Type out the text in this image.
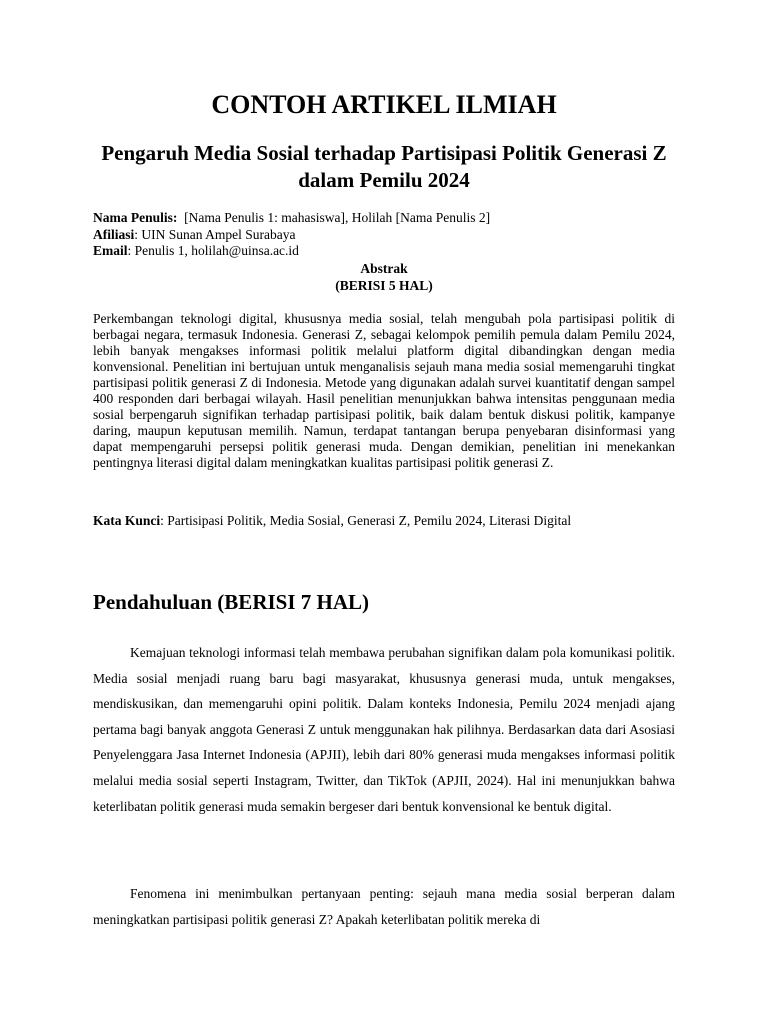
CONTOH ARTIKEL ILMIAH
Pengaruh Media Sosial terhadap Partisipasi Politik Generasi Z dalam Pemilu 2024
Nama Penulis:  [Nama Penulis 1: mahasiswa], Holilah [Nama Penulis 2]
Afiliasi: UIN Sunan Ampel Surabaya
Email: Penulis 1, holilah@uinsa.ac.id
Abstrak
(BERISI 5 HAL)

Perkembangan teknologi digital, khususnya media sosial, telah mengubah pola partisipasi politik di berbagai negara, termasuk Indonesia. Generasi Z, sebagai kelompok pemilih pemula dalam Pemilu 2024, lebih banyak mengakses informasi politik melalui platform digital dibandingkan dengan media konvensional. Penelitian ini bertujuan untuk menganalisis sejauh mana media sosial memengaruhi tingkat partisipasi politik generasi Z di Indonesia. Metode yang digunakan adalah survei kuantitatif dengan sampel 400 responden dari berbagai wilayah. Hasil penelitian menunjukkan bahwa intensitas penggunaan media sosial berpengaruh signifikan terhadap partisipasi politik, baik dalam bentuk diskusi politik, kampanye daring, maupun keputusan memilih. Namun, terdapat tantangan berupa penyebaran disinformasi yang dapat mempengaruhi persepsi politik generasi muda. Dengan demikian, penelitian ini menekankan pentingnya literasi digital dalam meningkatkan kualitas partisipasi politik generasi Z.

Kata Kunci: Partisipasi Politik, Media Sosial, Generasi Z, Pemilu 2024, Literasi Digital
Pendahuluan (BERISI 7 HAL)

Kemajuan teknologi informasi telah membawa perubahan signifikan dalam pola komunikasi politik. Media sosial menjadi ruang baru bagi masyarakat, khususnya generasi muda, untuk mengakses, mendiskusikan, dan memengaruhi opini politik. Dalam konteks Indonesia, Pemilu 2024 menjadi ajang pertama bagi banyak anggota Generasi Z untuk menggunakan hak pilihnya. Berdasarkan data dari Asosiasi Penyelenggara Jasa Internet Indonesia (APJII), lebih dari 80% generasi muda mengakses informasi politik melalui media sosial seperti Instagram, Twitter, dan TikTok (APJII, 2024). Hal ini menunjukkan bahwa keterlibatan politik generasi muda semakin bergeser dari bentuk konvensional ke bentuk digital.

Fenomena ini menimbulkan pertanyaan penting: sejauh mana media sosial berperan dalam meningkatkan partisipasi politik generasi Z? Apakah keterlibatan politik mereka di
